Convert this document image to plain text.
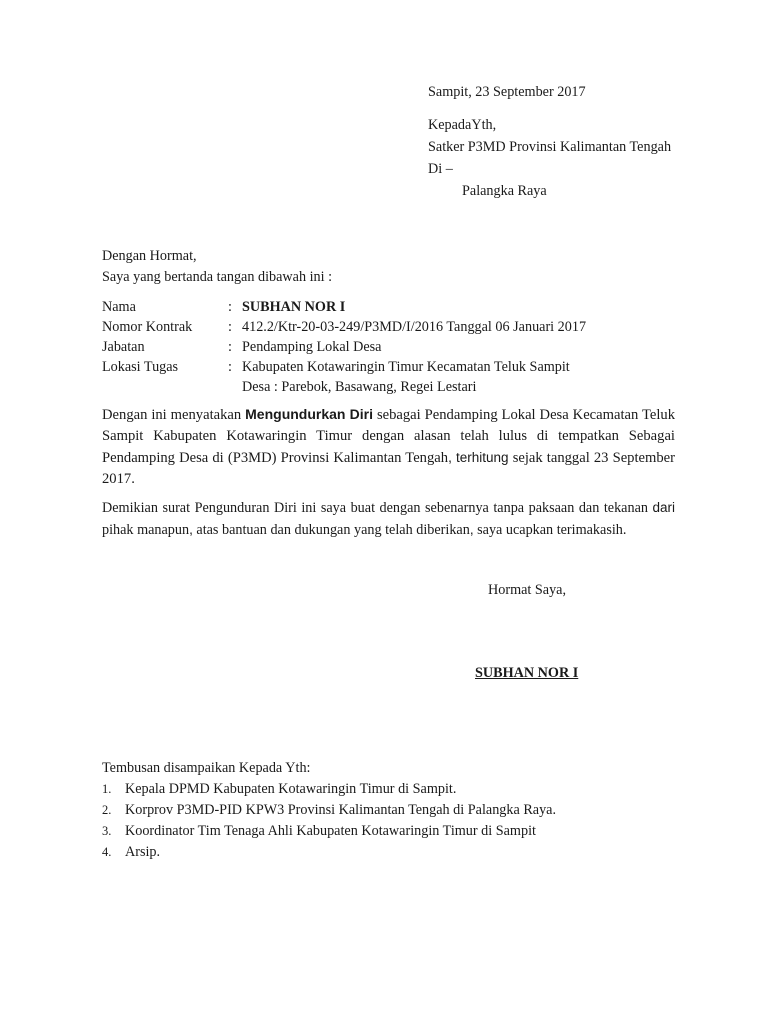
Sampit, 23 September 2017
KepadaYth,
Satker P3MD Provinsi Kalimantan Tengah
Di –
Palangka Raya
Dengan Hormat,
Saya yang bertanda tangan dibawah ini :
Nama	: SUBHAN NOR I
Nomor Kontrak	: 412.2/Ktr-20-03-249/P3MD/I/2016 Tanggal 06 Januari 2017
Jabatan	: Pendamping Lokal Desa
Lokasi Tugas	: Kabupaten Kotawaringin Timur Kecamatan Teluk Sampit
Desa : Parebok, Basawang, Regei Lestari
Dengan ini menyatakan Mengundurkan Diri sebagai Pendamping Lokal Desa Kecamatan Teluk Sampit Kabupaten Kotawaringin Timur dengan alasan telah lulus di tempatkan Sebagai Pendamping Desa di (P3MD) Provinsi Kalimantan Tengah, terhitung sejak tanggal 23 September 2017.
Demikian surat Pengunduran Diri ini saya buat dengan sebenarnya tanpa paksaan dan tekanan dari pihak manapun, atas bantuan dan dukungan yang telah diberikan, saya ucapkan terimakasih.
Hormat Saya,
SUBHAN NOR I
Tembusan disampaikan Kepada Yth:
1. Kepala DPMD Kabupaten Kotawaringin Timur di Sampit.
2. Korprov P3MD-PID KPW3 Provinsi Kalimantan Tengah di Palangka Raya.
3. Koordinator Tim Tenaga Ahli Kabupaten Kotawaringin Timur di Sampit
4. Arsip.
